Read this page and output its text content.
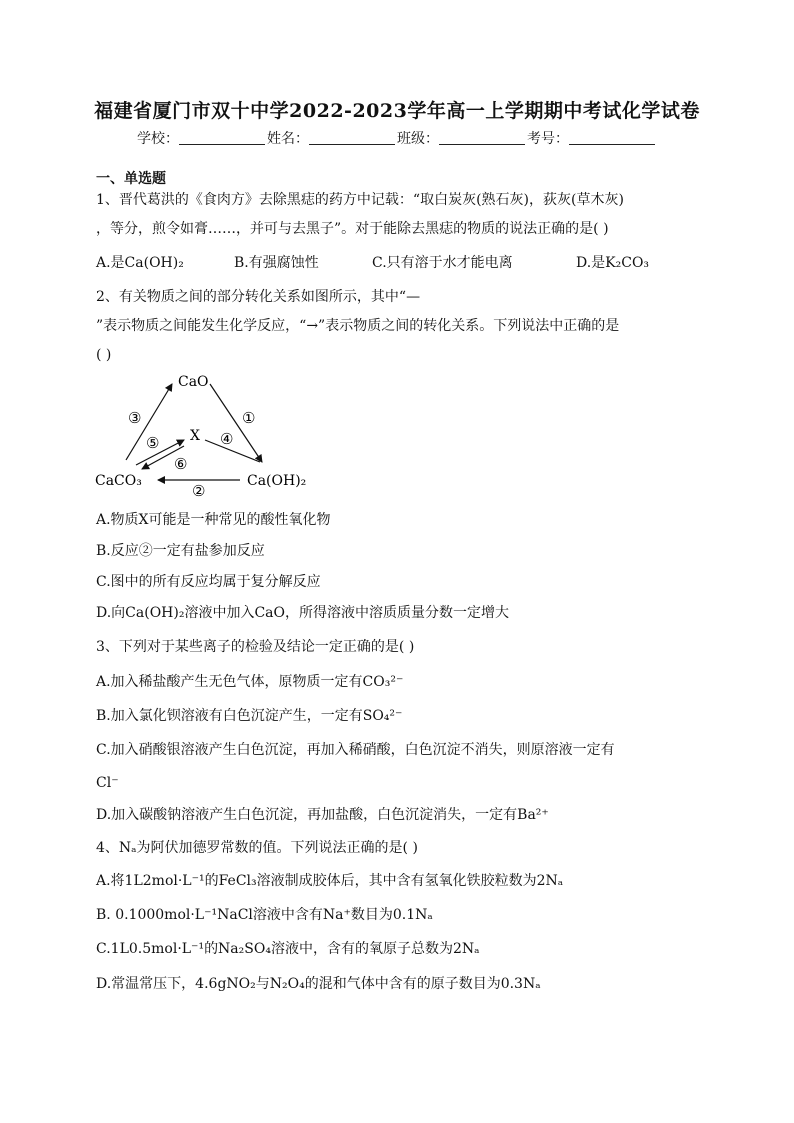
福建省厦门市双十中学2022-2023学年高一上学期期中考试化学试卷
学校：	姓名：	班级：	考号：
一、单选题
1、晋代葛洪的《食肉方》去除黑痣的药方中记载：“取白炭灰(熟石灰)，荻灰(草木灰)
，等分，煎令如膏……，并可与去黑子”。对于能除去黑痣的物质的说法正确的是( )
A.是Ca(OH)₂	B.有强腐蚀性	C.只有溶于水才能电离	D.是K₂CO₃
2、有关物质之间的部分转化关系如图所示，其中“—
”表示物质之间能发生化学反应，“→”表示物质之间的转化关系。下列说法中正确的是
( )
CaO
X
CaCO₃	Ca(OH)₂
③	①
⑤	④
⑥
②
A.物质X可能是一种常见的酸性氧化物
B.反应②一定有盐参加反应
C.图中的所有反应均属于复分解反应
D.向Ca(OH)₂溶液中加入CaO，所得溶液中溶质质量分数一定增大
3、下列对于某些离子的检验及结论一定正确的是( )
A.加入稀盐酸产生无色气体，原物质一定有CO₃²⁻
B.加入氯化钡溶液有白色沉淀产生，一定有SO₄²⁻
C.加入硝酸银溶液产生白色沉淀，再加入稀硝酸，白色沉淀不消失，则原溶液一定有
Cl⁻
D.加入碳酸钠溶液产生白色沉淀，再加盐酸，白色沉淀消失，一定有Ba²⁺
4、Nₐ为阿伏加德罗常数的值。下列说法正确的是( )
A.将1L2mol·L⁻¹的FeCl₃溶液制成胶体后，其中含有氢氧化铁胶粒数为2Nₐ
B. 0.1000mol·L⁻¹NaCl溶液中含有Na⁺数目为0.1Nₐ
C.1L0.5mol·L⁻¹的Na₂SO₄溶液中，含有的氧原子总数为2Nₐ
D.常温常压下，4.6gNO₂与N₂O₄的混和气体中含有的原子数目为0.3Nₐ
